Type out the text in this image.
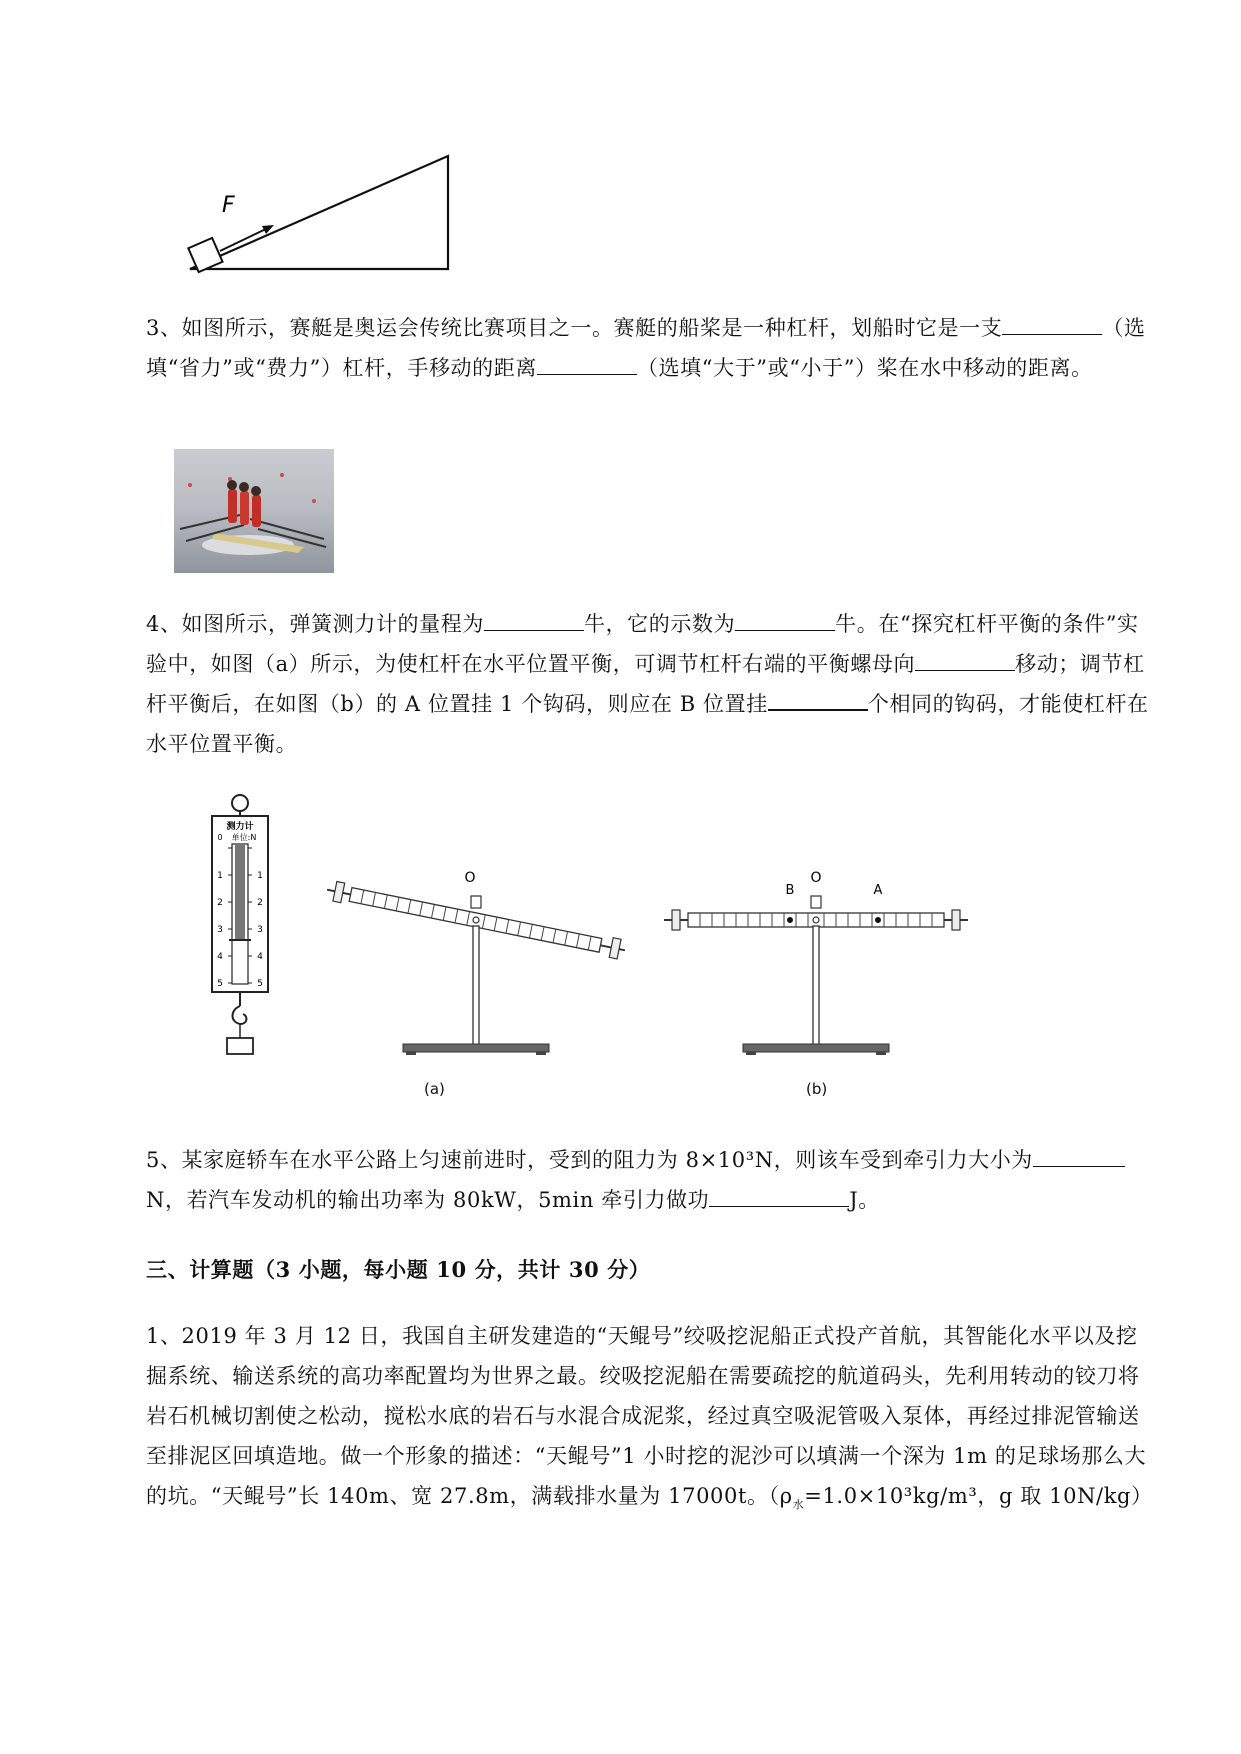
F
3、如图所示，赛艇是奥运会传统比赛项目之一。赛艇的船桨是一种杠杆，划船时它是一支	（选填“省力”或“费力”）杠杆，手移动的距离	（选填“大于”或“小于”）桨在水中移动的距离。
4、如图所示，弹簧测力计的量程为	牛，它的示数为	牛。在“探究杠杆平衡的条件”实验中，如图（a）所示，为使杠杆在水平位置平衡，可调节杠杆右端的平衡螺母向	移动；调节杠杆平衡后，在如图（b）的 A 位置挂 1 个钩码，则应在 B 位置挂	个相同的钩码，才能使杠杆在水平位置平衡。
测力计
单位:N
0
1
2
3
4
5
1
2
3
4
5
O
(a)
O
B	A
(b)
5、某家庭轿车在水平公路上匀速前进时，受到的阻力为 8×10³N，则该车受到牵引力大小为N，若汽车发动机的输出功率为 80kW，5min 牵引力做功	J。
三、计算题（3 小题，每小题 10 分，共计 30 分）
1、2019 年 3 月 12 日，我国自主研发建造的“天鲲号”绞吸挖泥船正式投产首航，其智能化水平以及挖掘系统、输送系统的高功率配置均为世界之最。绞吸挖泥船在需要疏挖的航道码头，先利用转动的铰刀将岩石机械切割使之松动，搅松水底的岩石与水混合成泥浆，经过真空吸泥管吸入泵体，再经过排泥管输送至排泥区回填造地。做一个形象的描述：“天鲲号”1 小时挖的泥沙可以填满一个深为 1m 的足球场那么大的坑。“天鲲号”长 140m、宽 27.8m，满载排水量为 17000t。（$\rho_水=1.0\times 10^3kg/m^3$，g 取 10N/kg）
